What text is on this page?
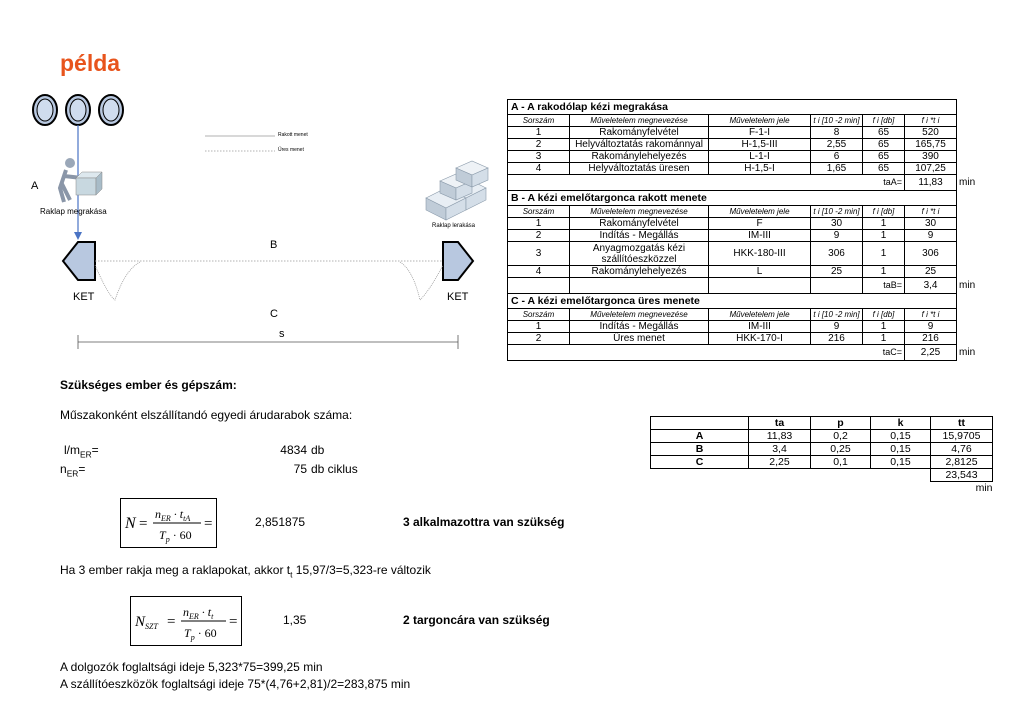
példa
Rakott menet
Üres menet
A
Raklap megrakása
Raklap lerakása
B
C
s
KET	KET
A - A rakodólap kézi megrakása						
Sorszám	Műveletelem megnevezése	Műveletelem jele	t i [10 -2 min]	f i [db]	f i *t i	
1	Rakományfelvétel	F-1-I	8	65	520	
2	Helyváltoztatás rakománnyal	H-1,5-III	2,55	65	165,75	
3	Rakománylehelyezés	L-1-I	6	65	390	
4	Helyváltoztatás üresen	H-1,5-I	1,65	65	107,25	
				taA=	11,83	min
B - A kézi emelőtargonca rakott menete						
Sorszám	Műveletelem megnevezése	Műveletelem jele	t i [10 -2 min]	f i [db]	f i *t i	
1	Rakományfelvétel	F	30	1	30	
2	Indítás - Megállás	IM-III	9	1	9	
3	Anyagmozgatás kézi szállítóeszközzel	HKK-180-III	306	1	306	
4	Rakománylehelyezés	L	25	1	25	
				taB=	3,4	min
C - A kézi emelőtargonca üres menete						
Sorszám	Műveletelem megnevezése	Műveletelem jele	t i [10 -2 min]	f i [db]	f i *t i	
1	Indítás - Megállás	IM-III	9	1	9	
2	Üres menet	HKK-170-I	216	1	216	
				taC=	2,25	min
	ta	p	k	tt
A	11,83	0,2	0,15	15,9705
B	3,4	0,25	0,15	4,76
C	2,25	0,1	0,15	2,8125
				23,543
				min
Szükséges ember és gépszám:
Műszakonként elszállítandó egyedi árudarabok száma:
$l/m_{ER}=$	4834 db
$n_{ER}=$	75 db ciklus
N =
$n_{ER} \cdot t_{tA}$
$T_p \cdot 60$
=	2,851875	3 alkalmazottra van szükség
Ha 3 ember rakja meg a raklapokat, akkor $t_t$ 15,97/3=5,323-re változik
$N_{SZT}$ =
$n_{ER} \cdot t_t$
$T_p \cdot 60$
=	1,35	2 targoncára van szükség
A dolgozók foglaltsági ideje 5,323*75=399,25 min
A szállítóeszközök foglaltsági ideje 75*(4,76+2,81)/2=283,875 min
